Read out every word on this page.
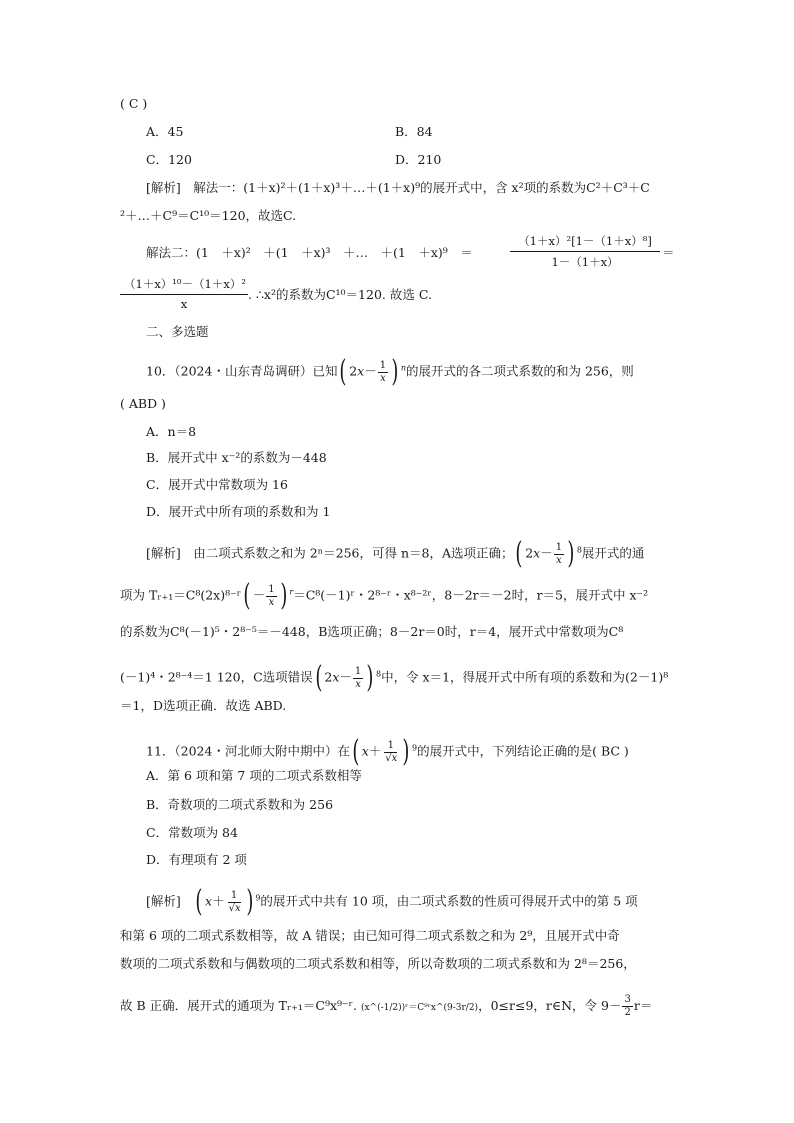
( C )
A．45	B．84
C．120	D．210
[解析]　 解法一：(1＋x)²＋(1＋x)³＋…＋(1＋x)⁹的展开式中，含 x²项的系数为C²＋C³＋C
²＋…＋C⁹＝C¹⁰＝120，故选C.
解法二：(1　＋x)²　＋(1　＋x)³　＋…　＋(1　＋x)⁹　＝	$\frac{\text{（1＋x）²[1－（1＋x）⁸]}}{1-(1+x)}$ ＝
$\frac{\text{（1＋x）¹⁰－（1＋x）²}}{x}$ . ∴x²的系数为C¹⁰＝120. 故选 C.
二、多选题
10．（2024・山东青岛调研）已知( $2x- \frac{1}{x}$ ) $^n$的展开式的各二项式系数的和为 256，则
( ABD )
A．n＝8
B．展开式中 x⁻²的系数为－448
C．展开式中常数项为 16
D．展开式中所有项的系数和为 1
[解析]　 由二项式系数之和为 2ⁿ＝256，可得 n＝8，A选项正确；( $2x- \frac{1}{x}$ ) $^8$展开式的通
项为 Tᵣ₊₁＝C⁸(2x)⁸⁻ʳ( － $\frac{1}{x}$ ) $^r$＝C⁸(－1)ʳ・2⁸⁻ʳ・x⁸⁻²ʳ，8－2r＝－2时，r＝5，展开式中 x⁻²
的系数为C⁸(－1)⁵・2⁸⁻⁵＝－448，B选项正确；8－2r＝0时，r＝4，展开式中常数项为C⁸
(－1)⁴・2⁸⁻⁴＝1 120，C选项错误( $2x- \frac{1}{x}$ ) $^8$中，令 x＝1，得展开式中所有项的系数和为(2－1)⁸
＝1，D选项正确．故选 ABD.
11．（2024・河北师大附中期中）在( $x+ \frac{1}{√x}$ ) $^9$的展开式中，下列结论正确的是( BC )
A．第 6 项和第 7 项的二项式系数相等
B．奇数项的二项式系数和为 256
C．常数项为 84
D．有理项有 2 项
[解析]　 ( $x+ \frac{1}{√x}$ ) $^9$的展开式中共有 10 项，由二项式系数的性质可得展开式中的第 5 项
和第 6 项的二项式系数相等，故 A 错误；由已知可得二项式系数之和为 2⁹，且展开式中奇
数项的二项式系数和与偶数项的二项式系数和相等，所以奇数项的二项式系数和为 2⁸＝256，
故 B 正确．展开式的通项为 Tᵣ₊₁＝C⁹x⁹⁻ʳ. (x^(-1/2))ʳ＝C⁹ʳx^(9-3r/2)，0≤r≤9，r∈N，令 $9- \frac{3}{2} r=$
